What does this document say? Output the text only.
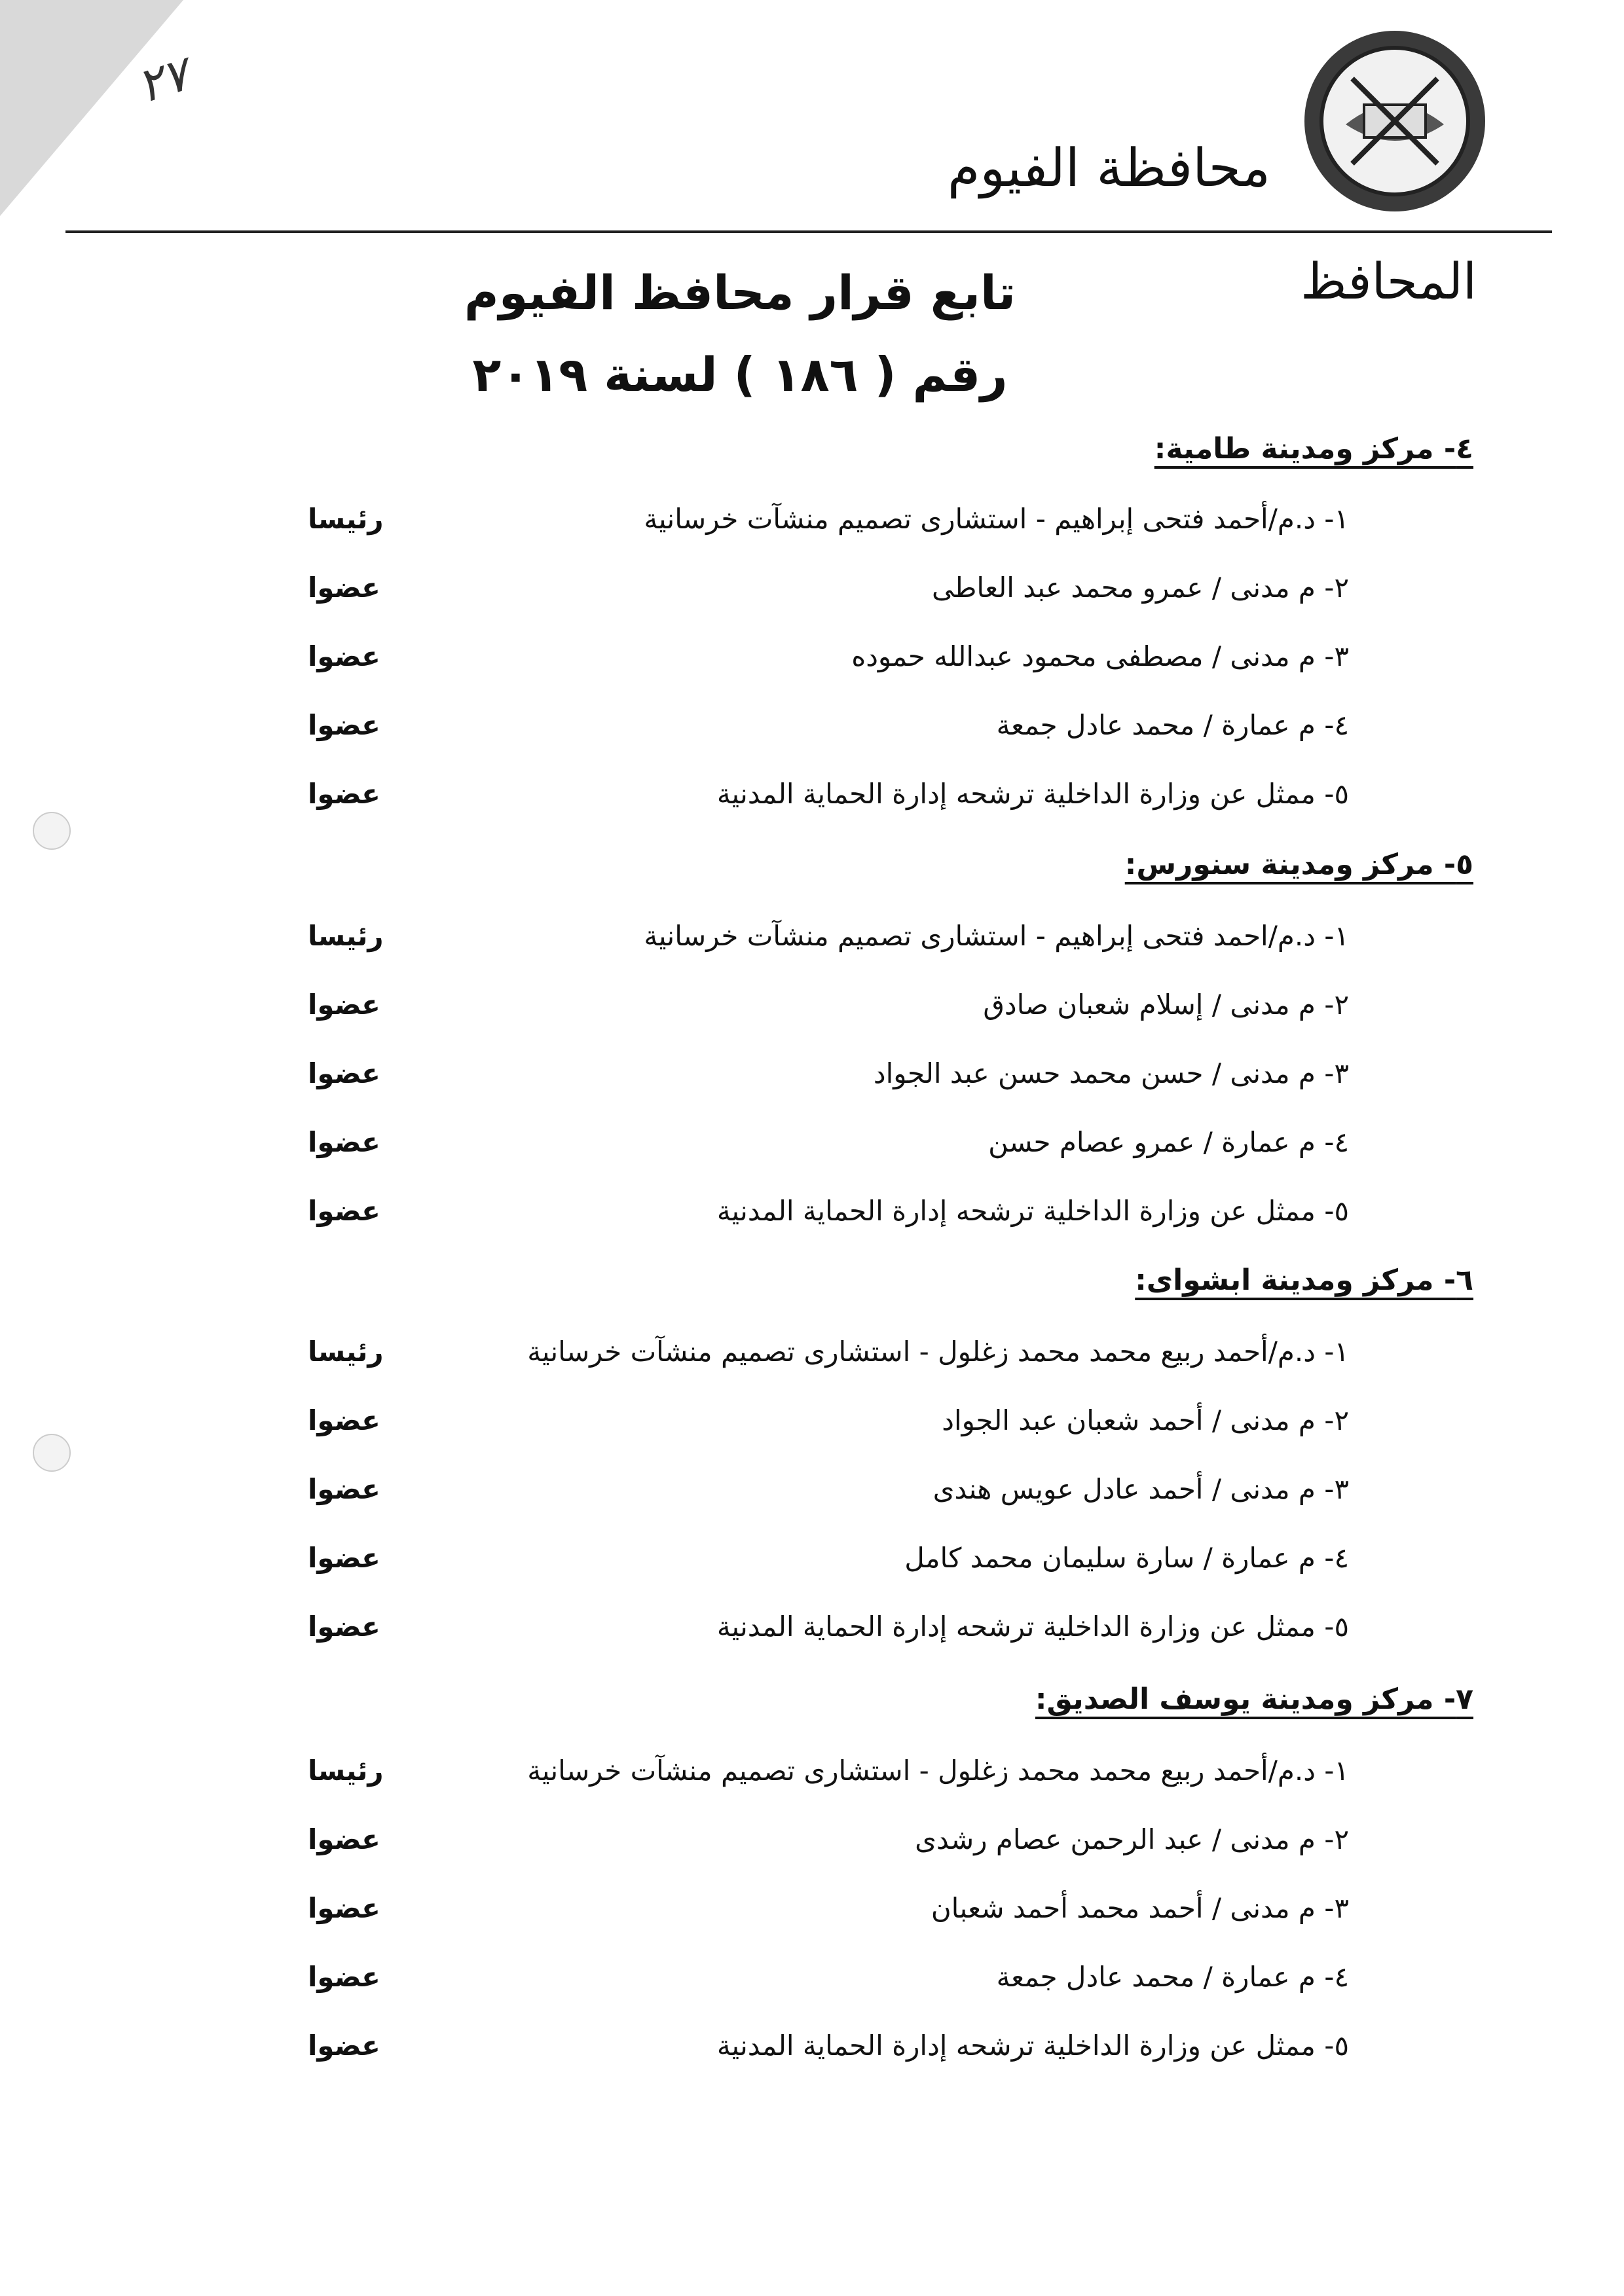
٢٧
محافظة الفيوم
المحافظ
تابع قرار محافظ الفيوم
رقم ( ١٨٦ ) لسنة ٢٠١٩
٤- مركز ومدينة طامية:
١- د.م/أحمد فتحى إبراهيم - استشارى تصميم منشآت خرسانية
رئيسا
٢- م مدنى / عمرو محمد عبد العاطى
عضوا
٣- م مدنى / مصطفى محمود عبدالله حموده
عضوا
٤- م عمارة / محمد عادل جمعة
عضوا
٥- ممثل عن وزارة الداخلية ترشحه إدارة الحماية المدنية
عضوا
٥- مركز ومدينة سنورس:
١- د.م/احمد فتحى إبراهيم - استشارى تصميم منشآت خرسانية
رئيسا
٢- م مدنى / إسلام شعبان صادق
عضوا
٣- م مدنى / حسن محمد حسن عبد الجواد
عضوا
٤- م عمارة / عمرو عصام حسن
عضوا
٥- ممثل عن وزارة الداخلية ترشحه إدارة الحماية المدنية
عضوا
٦- مركز ومدينة ابشواى:
١- د.م/أحمد ربيع محمد محمد زغلول - استشارى تصميم منشآت خرسانية
رئيسا
٢- م مدنى / أحمد شعبان عبد الجواد
عضوا
٣- م مدنى / أحمد عادل عويس هندى
عضوا
٤- م عمارة / سارة سليمان محمد كامل
عضوا
٥- ممثل عن وزارة الداخلية ترشحه إدارة الحماية المدنية
عضوا
٧- مركز ومدينة يوسف الصديق:
١- د.م/أحمد ربيع محمد محمد زغلول - استشارى تصميم منشآت خرسانية
رئيسا
٢- م مدنى / عبد الرحمن عصام رشدى
عضوا
٣- م مدنى / أحمد محمد أحمد شعبان
عضوا
٤- م عمارة / محمد عادل جمعة
عضوا
٥- ممثل عن وزارة الداخلية ترشحه إدارة الحماية المدنية
عضوا
